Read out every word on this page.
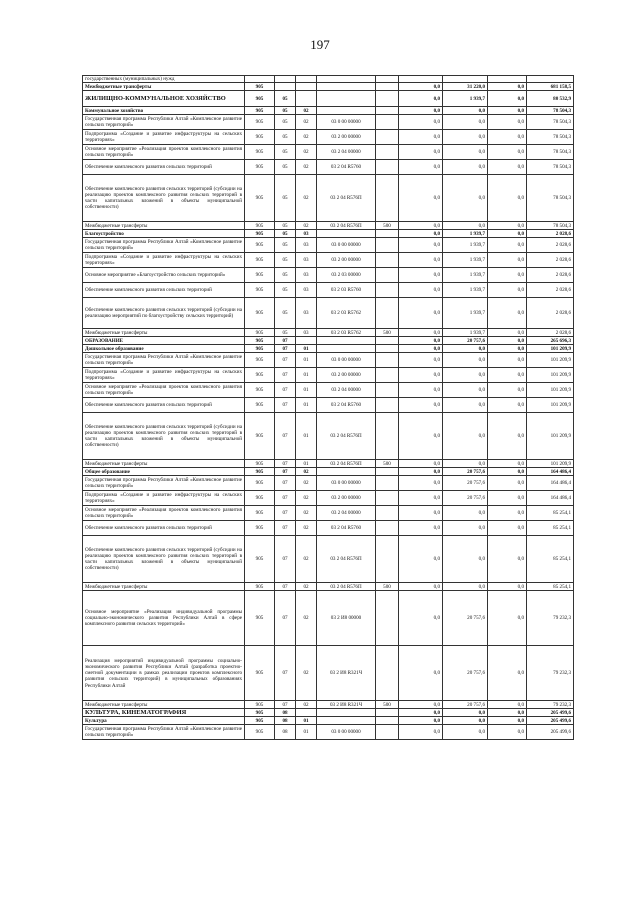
197
государственных (муниципальных) нужд									
Межбюджетные трансферты	905					0,0	31 220,0	0,0	681 158,5
ЖИЛИЩНО-КОММУНАЛЬНОЕ ХОЗЯЙСТВО	905	05				0,0	1 939,7	0,0	80 532,9
Коммунальное хозяйство	905	05	02			0,0	0,0	0,0	78 504,3
Государственная программа Республики Алтай «Комплексное развитие сельских территорий»	905	05	02	03 0 00 00000		0,0	0,0	0,0	78 504,3
Подпрограмма «Создание и развитие инфраструктуры на сельских территориях»	905	05	02	03 2 00 00000		0,0	0,0	0,0	78 504,3
Основное мероприятие «Реализация проектов комплексного развития сельских территорий»	905	05	02	03 2 04 00000		0,0	0,0	0,0	78 504,3
Обеспечение комплексного развития сельских территорий	905	05	02	03 2 04 R5760		0,0	0,0	0,0	78 504,3
Обеспечение комплексного развития сельских территорий (субсидии на реализацию проектов комплексного развития сельских территорий в части капитальных вложений в объекты муниципальной собственности)	905	05	02	03 2 04 R576П		0,0	0,0	0,0	78 504,3
Межбюджетные трансферты	905	05	02	03 2 04 R576П	500	0,0	0,0	0,0	78 504,3
Благоустройство	905	05	03			0,0	1 939,7	0,0	2 028,6
Государственная программа Республики Алтай «Комплексное развитие сельских территорий»	905	05	03	03 0 00 00000		0,0	1 939,7	0,0	2 028,6
Подпрограмма «Создание и развитие инфраструктуры на сельских территориях»	905	05	03	03 2 00 00000		0,0	1 939,7	0,0	2 028,6
Основное мероприятие «Благоустройство сельских территорий»	905	05	03	03 2 03 00000		0,0	1 939,7	0,0	2 028,6
Обеспечение комплексного развития сельских территорий	905	05	03	03 2 03 R5760		0,0	1 939,7	0,0	2 028,6
Обеспечение комплексного развития сельских территорий (субсидии на реализацию мероприятий по благоустройству сельских территорий)	905	05	03	03 2 03 R5762		0,0	1 939,7	0,0	2 028,6
Межбюджетные трансферты	905	05	03	03 2 03 R5762	500	0,0	1 939,7	0,0	2 028,6
ОБРАЗОВАНИЕ	905	07				0,0	20 757,6	0,0	265 696,3
Дошкольное образование	905	07	01			0,0	0,0	0,0	101 209,9
Государственная программа Республики Алтай «Комплексное развитие сельских территорий»	905	07	01	03 0 00 00000		0,0	0,0	0,0	101 209,9
Подпрограмма «Создание и развитие инфраструктуры на сельских территориях»	905	07	01	03 2 00 00000		0,0	0,0	0,0	101 209,9
Основное мероприятие «Реализация проектов комплексного развития сельских территорий»	905	07	01	03 2 04 00000		0,0	0,0	0,0	101 209,9
Обеспечение комплексного развития сельских территорий	905	07	01	03 2 04 R5760		0,0	0,0	0,0	101 209,9
Обеспечение комплексного развития сельских территорий (субсидии на реализацию проектов комплексного развития сельских территорий в части капитальных вложений в объекты муниципальной собственности)	905	07	01	03 2 04 R576П		0,0	0,0	0,0	101 209,9
Межбюджетные трансферты	905	07	01	03 2 04 R576П	500	0,0	0,0	0,0	101 209,9
Общее образование	905	07	02			0,0	20 757,6	0,0	164 486,4
Государственная программа Республики Алтай «Комплексное развитие сельских территорий»	905	07	02	03 0 00 00000		0,0	20 757,6	0,0	164 486,4
Подпрограмма «Создание и развитие инфраструктуры на сельских территориях»	905	07	02	03 2 00 00000		0,0	20 757,6	0,0	164 486,4
Основное мероприятие «Реализация проектов комплексного развития сельских территорий»	905	07	02	03 2 04 00000		0,0	0,0	0,0	85 254,1
Обеспечение комплексного развития сельских территорий	905	07	02	03 2 04 R5760		0,0	0,0	0,0	85 254,1
Обеспечение комплексного развития сельских территорий (субсидии на реализацию проектов комплексного развития сельских территорий в части капитальных вложений в объекты муниципальной собственности)	905	07	02	03 2 04 R576П		0,0	0,0	0,0	85 254,1
Межбюджетные трансферты	905	07	02	03 2 04 R576П	500	0,0	0,0	0,0	85 254,1
Основное мероприятие «Реализация индивидуальной программы социально-экономического развития Республики Алтай в сфере комплексного развития сельских территорий»	905	07	02	03 2 И8 00000		0,0	20 757,6	0,0	79 232,3
Реализация мероприятий индивидуальной программы социально-экономического развития Республики Алтай (разработка проектно-сметной документации в рамках реализации проектов комплексного развития сельских территорий) в муниципальных образованиях Республики Алтай	905	07	02	03 2 И8 R321Ч		0,0	20 757,6	0,0	79 232,3
Межбюджетные трансферты	905	07	02	03 2 И8 R321Ч	500	0,0	20 757,6	0,0	79 232,3
КУЛЬТУРА, КИНЕМАТОГРАФИЯ	905	08				0,0	0,0	0,0	205 499,6
Культура	905	08	01			0,0	0,0	0,0	205 499,6
Государственная программа Республики Алтай «Комплексное развитие сельских территорий»	905	08	01	03 0 00 00000		0,0	0,0	0,0	205 499,6
